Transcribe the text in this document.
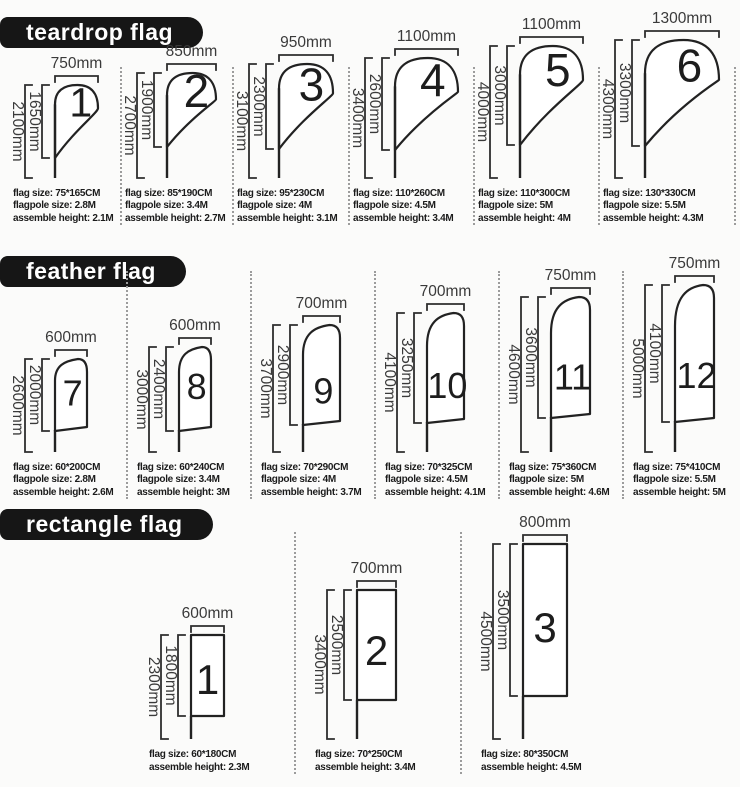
teardrop flag
750mm
2100mm 1650mm 1
flag size: 75*165CM
flagpole size: 2.8M
assemble height: 2.1M
850mm
2700mm 1900mm 2
flag size: 85*190CM
flagpole size: 3.4M
assemble height: 2.7M
950mm
3100mm 2300mm 3
flag size: 95*230CM
flagpole size: 4M
assemble height: 3.1M
1100mm
3400mm 2600mm 4
flag size: 110*260CM
flagpole size: 4.5M
assemble height: 3.4M
1100mm
4000mm 3000mm 5
flag size: 110*300CM
flagpole size: 5M
assemble height: 4M
1300mm
4300mm 3300mm 6
flag size: 130*330CM
flagpole size: 5.5M
assemble height: 4.3M
feather flag
600mm
2600mm 2000mm 7
flag size: 60*200CM
flagpole size: 2.8M
assemble height: 2.6M
600mm
3000mm 2400mm 8
flag size: 60*240CM
flagpole size: 3.4M
assemble height: 3M
700mm
3700mm 2900mm 9
flag size: 70*290CM
flagpole size: 4M
assemble height: 3.7M
700mm
4100mm 3250mm 10
flag size: 70*325CM
flagpole size: 4.5M
assemble height: 4.1M
750mm
4600mm 3600mm 11
flag size: 75*360CM
flagpole size: 5M
assemble height: 4.6M
750mm
5000mm 4100mm 12
flag size: 75*410CM
flagpole size: 5.5M
assemble height: 5M
rectangle flag
600mm
2300mm 1800mm 1
flag size: 60*180CM
assemble height: 2.3M
700mm
3400mm 2500mm 2
flag size: 70*250CM
assemble height: 3.4M
800mm
4500mm 3500mm 3
flag size: 80*350CM
assemble height: 4.5M
